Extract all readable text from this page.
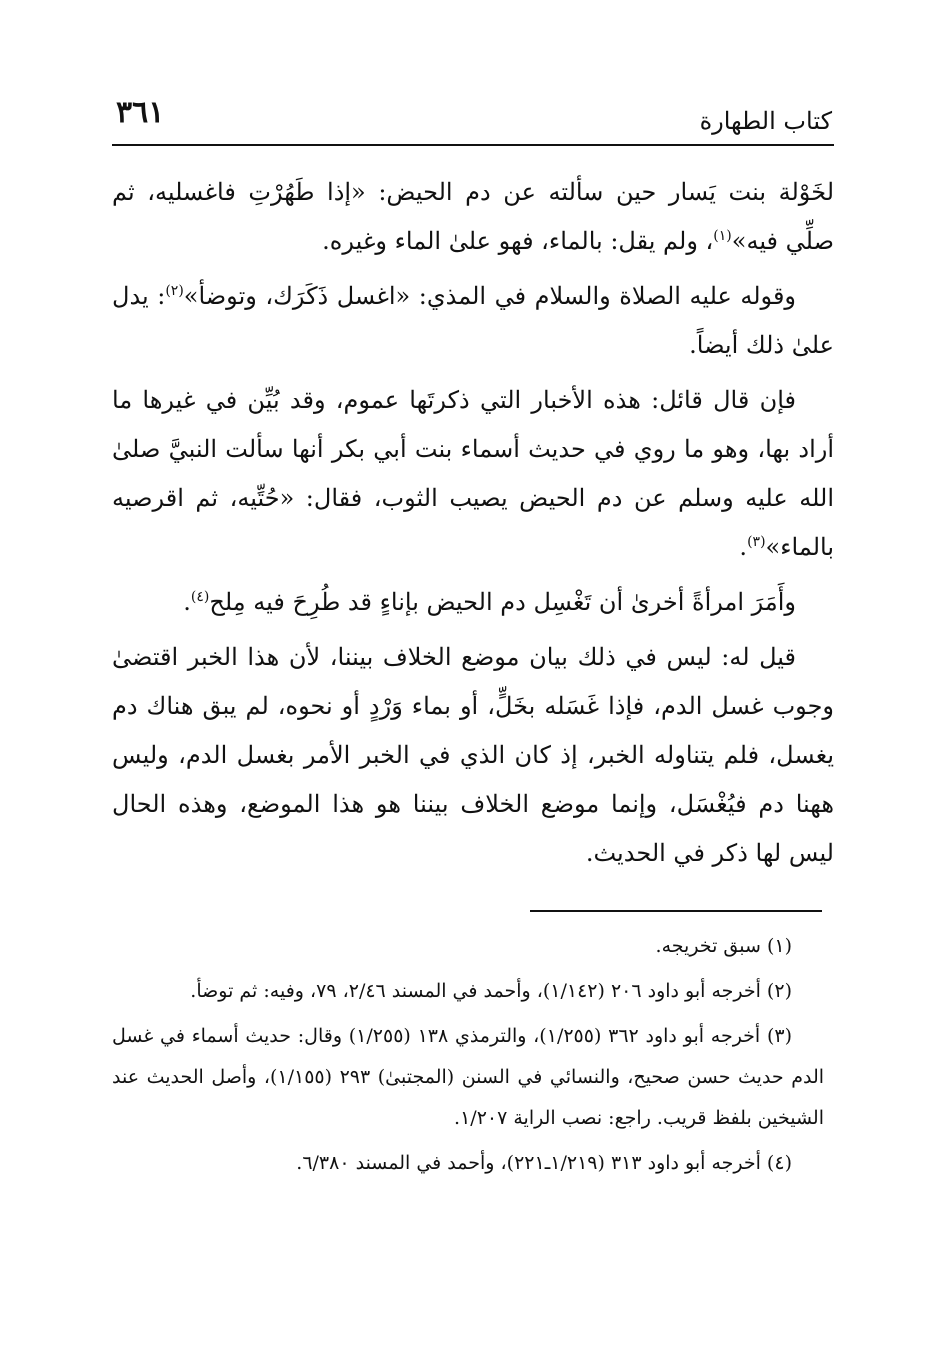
كتاب الطهارة
٣٦١

لخَوْلة بنت يَسار حين سألته عن دم الحيض: «إذا طَهُرْتِ فاغسليه، ثم صلِّي فيه»$^{(١)}$، ولم يقل: بالماء، فهو علىٰ الماء وغيره.

وقوله عليه الصلاة والسلام في المذي: «اغسل ذَكَرَك، وتوضأ»$^{(٢)}$: يدل علىٰ ذلك أيضاً.

فإن قال قائل: هذه الأخبار التي ذكرتَها عموم، وقد بُيِّن في غيرها ما أراد بها، وهو ما روي في حديث أسماء بنت أبي بكر أنها سألت النبيَّ صلىٰ الله عليه وسلم عن دم الحيض يصيب الثوب، فقال: «حُتِّيه، ثم اقرصيه بالماء»$^{(٣)}$.

وأَمَرَ امرأةً أخرىٰ أن تَغْسِل دم الحيض بإناءٍ قد طُرِحَ فيه مِلح$^{(٤)}$.

قيل له: ليس في ذلك بيان موضع الخلاف بيننا، لأن هذا الخبر اقتضىٰ وجوب غسل الدم، فإذا غَسَله بخَلٍّ، أو بماء وَرْدٍ أو نحوه، لم يبق هناك دم يغسل، فلم يتناوله الخبر، إذ كان الذي في الخبر الأمر بغسل الدم، وليس ههنا دم فيُغْسَل، وإنما موضع الخلاف بيننا هو هذا الموضع، وهذه الحال ليس لها ذكر في الحديث.

(١) سبق تخريجه.

(٢) أخرجه أبو داود ٢٠٦ (١/١٤٢)، وأحمد في المسند ٢/٤٦، ٧٩، وفيه: ثم توضأ.

(٣) أخرجه أبو داود ٣٦٢ (١/٢٥٥)، والترمذي ١٣٨ (١/٢٥٥) وقال: حديث أسماء في غسل الدم حديث حسن صحيح، والنسائي في السنن (المجتبىٰ) ٢٩٣ (١/١٥٥)، وأصل الحديث عند الشيخين بلفظ قريب. راجع: نصب الراية ١/٢٠٧.

(٤) أخرجه أبو داود ٣١٣ (١/٢١٩ـ٢٢١)، وأحمد في المسند ٦/٣٨٠.
